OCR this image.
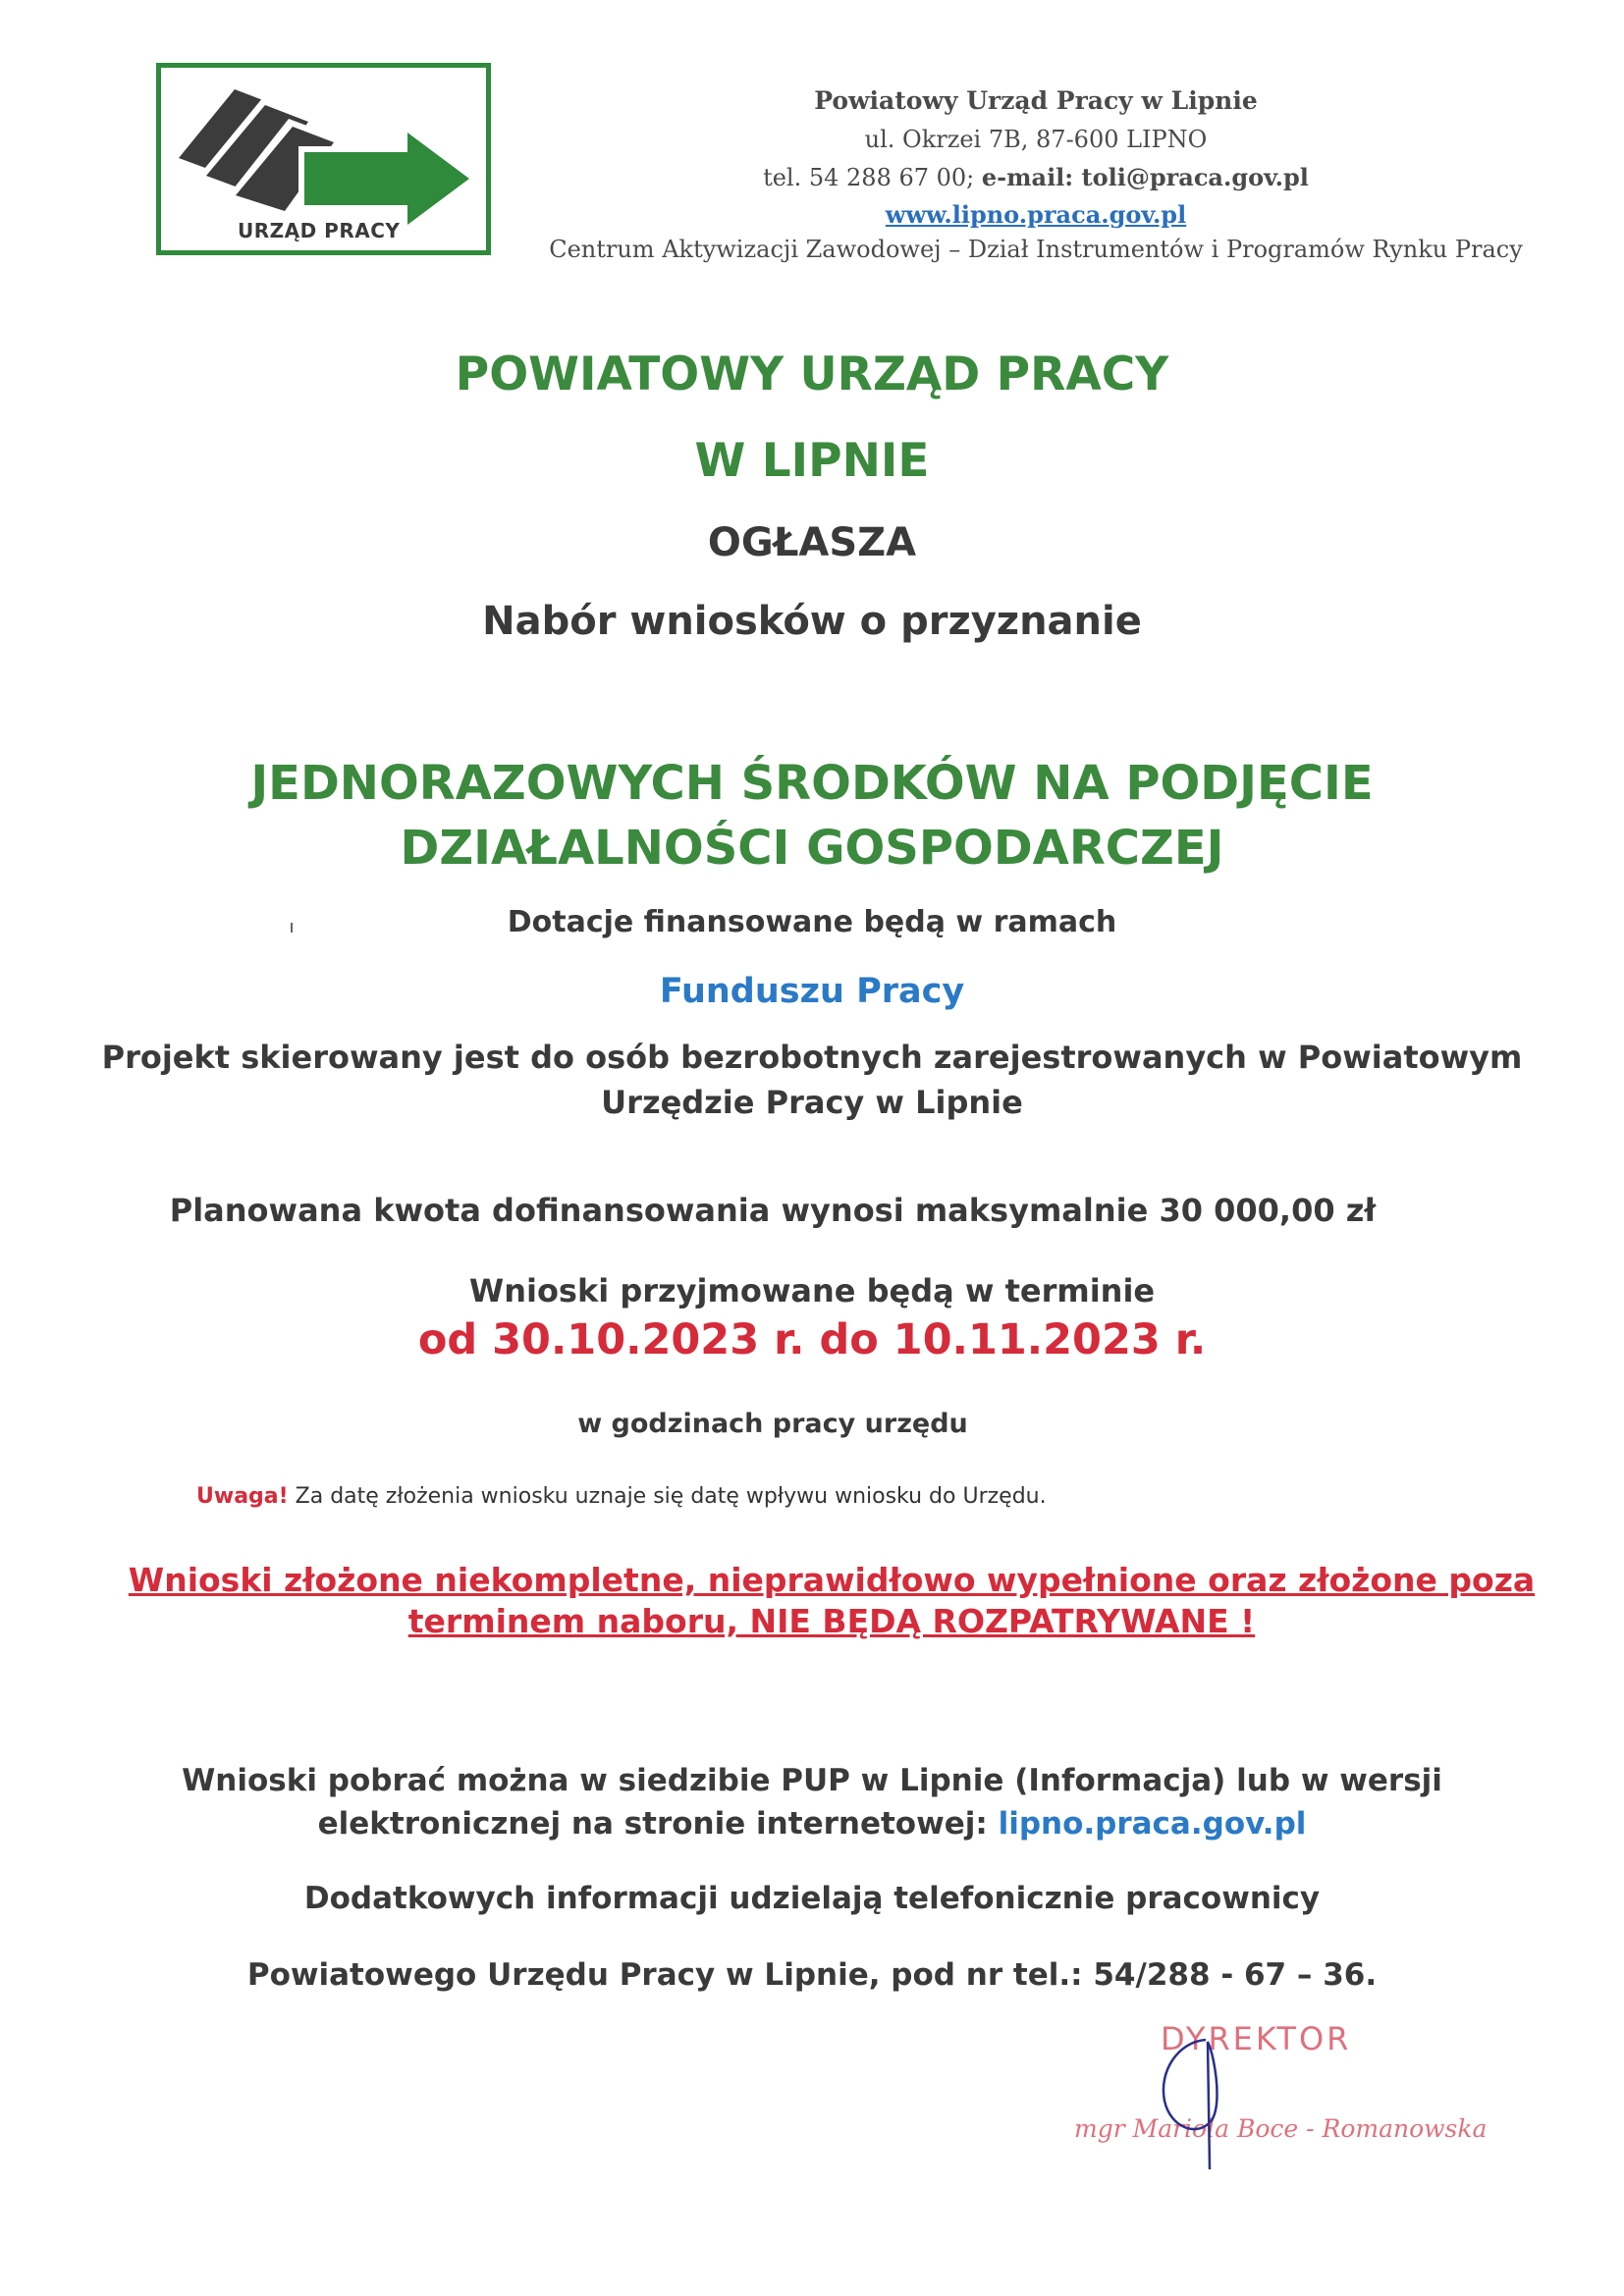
URZĄD PRACY
Powiatowy Urząd Pracy w Lipnie
ul. Okrzei 7B, 87-600 LIPNO
tel. 54 288 67 00; e-mail: toli@praca.gov.pl
www.lipno.praca.gov.pl
Centrum Aktywizacji Zawodowej – Dział Instrumentów i Programów Rynku Pracy
POWIATOWY URZĄD PRACY
W LIPNIE
OGŁASZA
Nabór wniosków o przyznanie
JEDNORAZOWYCH ŚRODKÓW NA PODJĘCIE
DZIAŁALNOŚCI GOSPODARCZEJ
Dotacje finansowane będą w ramach
Funduszu Pracy
Projekt skierowany jest do osób bezrobotnych zarejestrowanych w Powiatowym
Urzędzie Pracy w Lipnie
Planowana kwota dofinansowania wynosi maksymalnie 30 000,00 zł
Wnioski przyjmowane będą w terminie
od 30.10.2023 r. do 10.11.2023 r.
w godzinach pracy urzędu
Uwaga! Za datę złożenia wniosku uznaje się datę wpływu wniosku do Urzędu.
Wnioski złożone niekompletne, nieprawidłowo wypełnione oraz złożone poza
terminem naboru, NIE BĘDĄ ROZPATRYWANE !
Wnioski pobrać można w siedzibie PUP w Lipnie (Informacja) lub w wersji
elektronicznej na stronie internetowej: lipno.praca.gov.pl
Dodatkowych informacji udzielają telefonicznie pracownicy
Powiatowego Urzędu Pracy w Lipnie, pod nr tel.: 54/288 - 67 – 36.
DYREKTOR
mgr Mariola Boce - Romanowska
